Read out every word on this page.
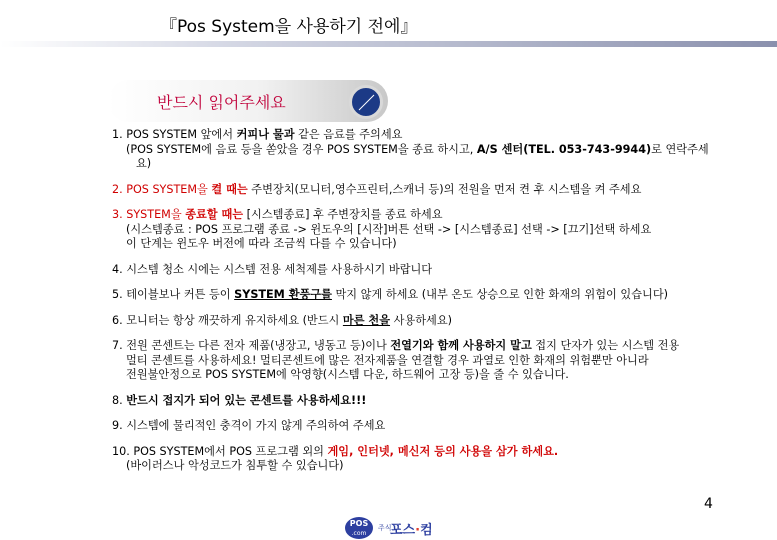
『Pos System을 사용하기 전에』
반드시 읽어주세요
1. POS SYSTEM 앞에서 커피나 물과 같은 음료를 주의세요
(POS SYSTEM에 음료 등을 쏟았을 경우 POS SYSTEM을 종료 하시고, A/S 센터(TEL. 053-743-9944)로 연락주세
요)
2. POS SYSTEM을 켤 때는 주변장치(모니터,영수프린터,스캐너 등)의 전원을 먼저 켠 후 시스템을 켜 주세요
3. SYSTEM을 종료할 때는 [시스템종료] 후 주변장치를 종료 하세요
(시스템종료 : POS 프로그램 종료 -> 윈도우의 [시작]버튼 선택 -> [시스템종료] 선택 -> [끄기]선택 하세요
이 단계는 윈도우 버전에 따라 조금씩 다를 수 있습니다)
4. 시스템 청소 시에는 시스템 전용 세척제를 사용하시기 바랍니다
5. 테이블보나 커튼 등이 SYSTEM 환풍구를 막지 않게 하세요 (내부 온도 상승으로 인한 화재의 위험이 있습니다)
6. 모니터는 항상 깨끗하게 유지하세요 (반드시 마른 천을 사용하세요)
7. 전원 콘센트는 다른 전자 제품(냉장고, 냉동고 등)이나 전열기와 함께 사용하지 말고 접지 단자가 있는 시스템 전용
멀티 콘센트를 사용하세요! 멀티콘센트에 많은 전자제품을 연결할 경우 과열로 인한 화재의 위험뿐만 아니라
전원불안정으로 POS SYSTEM에 악영향(시스템 다운, 하드웨어 고장 등)을 줄 수 있습니다.
8. 반드시 접지가 되어 있는 콘센트를 사용하세요!!!
9. 시스템에 물리적인 충격이 가지 않게 주의하여 주세요
10. POS SYSTEM에서 POS 프로그램 외의 게임, 인터넷, 메신저 등의 사용을 삼가 하세요.
(바이러스나 악성코드가 침투할 수 있습니다)
4
POS
.com
주식
포스·컴
